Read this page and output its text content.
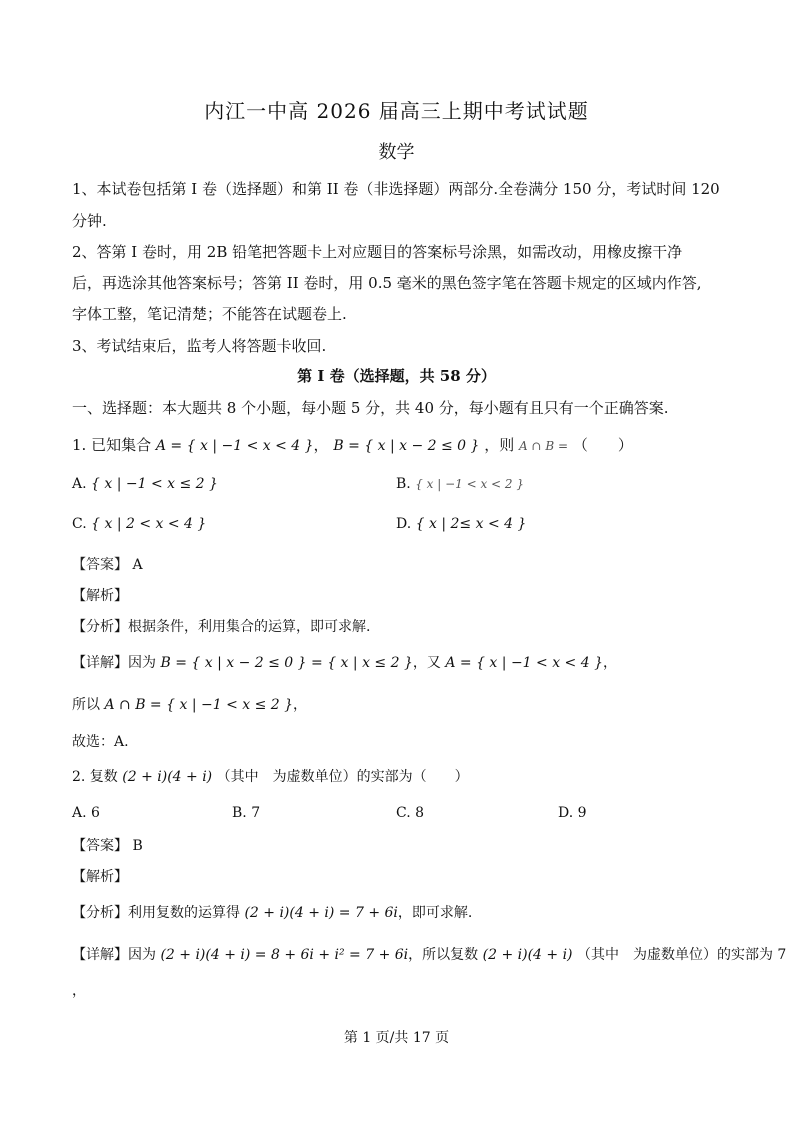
内江一中高 2026 届高三上期中考试试题
数学
1、本试卷包括第 I 卷（选择题）和第 II 卷（非选择题）两部分.全卷满分 150 分，考试时间 120
分钟.
2、答第 I 卷时，用 2B 铅笔把答题卡上对应题目的答案标号涂黑，如需改动，用橡皮擦干净
后，再选涂其他答案标号；答第 II 卷时，用 0.5 毫米的黑色签字笔在答题卡规定的区域内作答,
字体工整，笔记清楚；不能答在试题卷上.
3、考试结束后，监考人将答题卡收回.
第 I 卷（选择题，共 58 分）
一、选择题：本大题共 8 个小题，每小题 5 分，共 40 分，每小题有且只有一个正确答案.
1. 已知集合 A = { x | −1 < x < 4 }， B = { x | x − 2 ≤ 0 } ，则 A ∩ B = （　　）
A. { x | −1 < x ≤ 2 }	B. { x | −1 < x < 2 }
C. { x | 2 < x < 4 }	D. { x | 2≤ x < 4 }
【答案】 A
【解析】
【分析】根据条件，利用集合的运算，即可求解.
【详解】因为 B = { x | x − 2 ≤ 0 } = { x | x ≤ 2 }，又 A = { x | −1 < x < 4 }，
所以 A ∩ B = { x | −1 < x ≤ 2 }，
故选：A.
2. 复数 (2 + i)(4 + i) （其中　为虚数单位）的实部为（　　）
A. 6	B. 7	C. 8	D. 9
【答案】 B
【解析】
【分析】利用复数的运算得 (2 + i)(4 + i) = 7 + 6i，即可求解.
【详解】因为 (2 + i)(4 + i) = 8 + 6i + i² = 7 + 6i，所以复数 (2 + i)(4 + i) （其中　为虚数单位）的实部为 7
，
第 1 页/共 17 页
